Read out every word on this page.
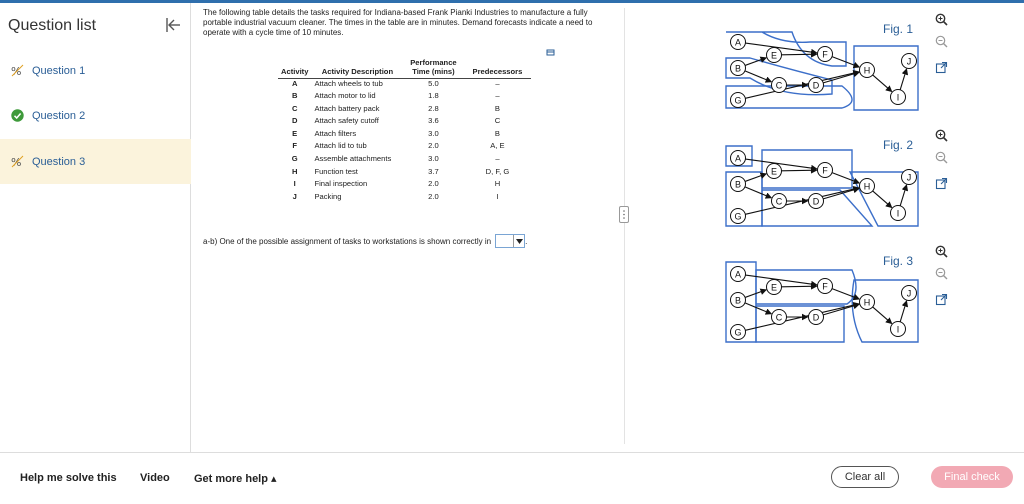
Question list
% Question 1
Question 2
% Question 3
The following table details the tasks required for Indiana-based Frank Pianki Industries to manufacture a fully portable industrial vacuum cleaner. The times in the table are in minutes. Demand forecasts indicate a need to operate with a cycle time of 10 minutes.
Activity	Activity Description	Performance Time (mins)	Predecessors
A	Attach wheels to tub	5.0	–
B	Attach motor to lid	1.8	–
C	Attach battery pack	2.8	B
D	Attach safety cutoff	3.6	C
E	Attach filters	3.0	B
F	Attach lid to tub	2.0	A, E
G	Assemble attachments	3.0	–
H	Function test	3.7	D, F, G
I	Final inspection	2.0	H
J	Packing	2.0	I
a-b) One of the possible assignment of tasks to workstations is shown correctly in	.
A
B
G
E
C
F
D
H
J
I
Fig. 1
A
B
G
E
C
F
D
H
J
I
Fig. 2
A
B
G
E
C
F
D
H
J
I
Fig. 3
Help me solve this Video Get more help ▴	Clear all	Final check
